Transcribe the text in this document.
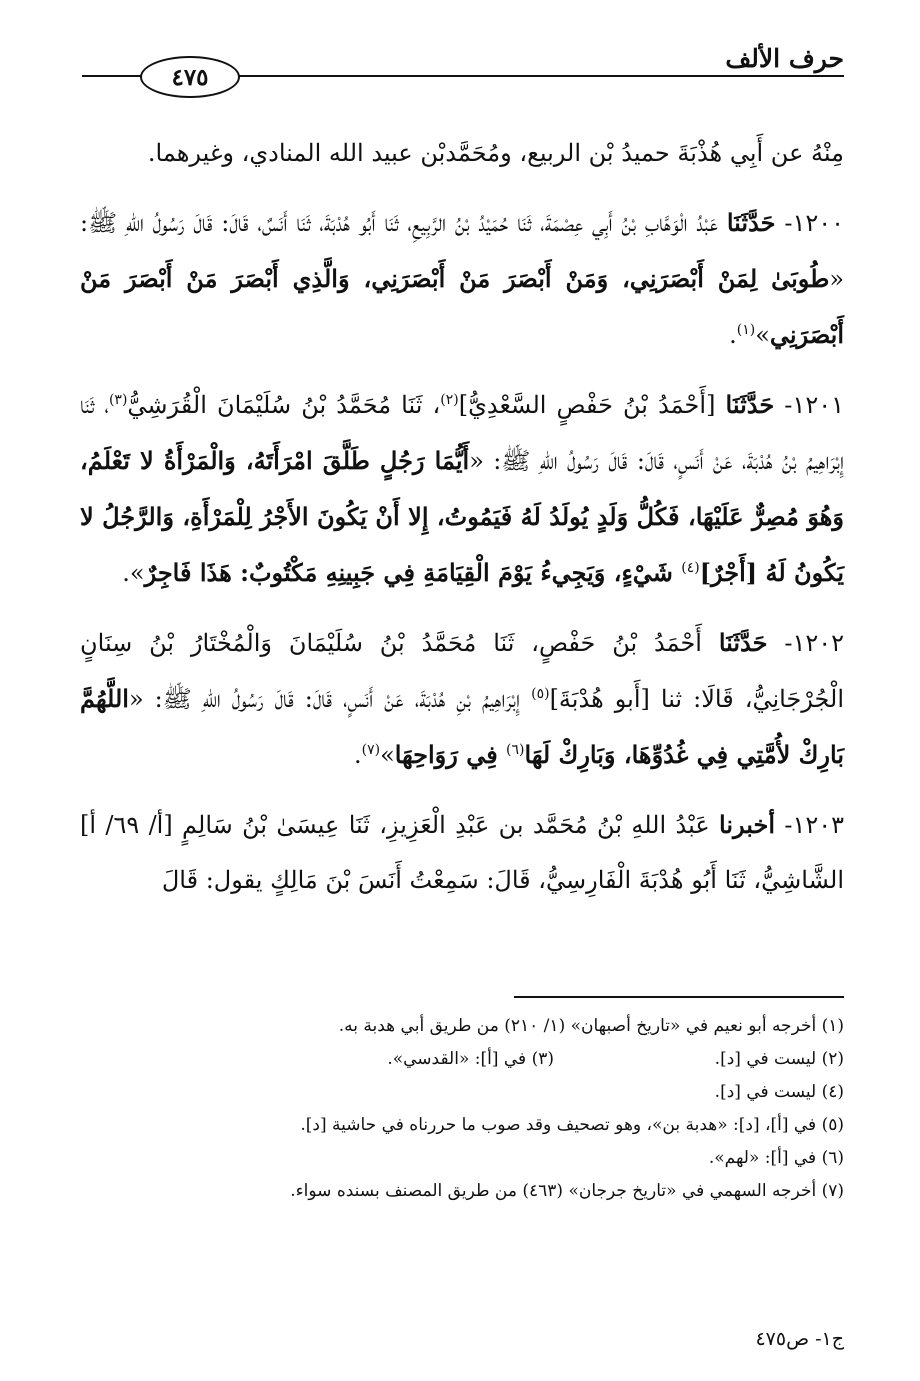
حرف الألف
٤٧٥

مِنْهُ عن أَبِي هُذْبَةَ حميدُ بْن الربيع، ومُحَمَّدبْن عبيد الله المنادي، وغيرهما.

١٢٠٠- حَدَّثَنَا عَبْدُ الْوَهَّابِ بْنُ أَبِي عِصْمَةَ، ثَنَا حُمَيْدُ بْنُ الرَّبِيعِ، ثَنَا أَبُو هُدْبَةَ، ثَنَا أَنَسٌ، قَالَ: قَالَ رَسُولُ اللهِ ﷺ: «طُوبَىٰ لِمَنْ أَبْصَرَنِي، وَمَنْ أَبْصَرَ مَنْ أَبْصَرَنِي، وَالَّذِي أَبْصَرَ مَنْ أَبْصَرَ مَنْ أَبْصَرَنِي»$^{(١)}$.

١٢٠١- حَدَّثَنَا [أَحْمَدُ بْنُ حَفْصٍ السَّعْدِيُّ]$^{(٢)}$، ثَنَا مُحَمَّدُ بْنُ سُلَيْمَانَ الْقُرَشِيُّ$^{(٣)}$، ثَنَا إِبْرَاهِيمُ بْنُ هُدْبَةَ، عَنْ أَنَسٍ، قَالَ: قَالَ رَسُولُ اللهِ ﷺ: «أَيُّمَا رَجُلٍ طَلَّقَ امْرَأَتَهُ، وَالْمَرْأَةُ لا تَعْلَمُ، وَهُوَ مُصِرٌّ عَلَيْهَا، فَكُلُّ وَلَدٍ يُولَدُ لَهُ فَيَمُوتُ، إِلا أَنْ يَكُونَ الأَجْرُ لِلْمَرْأَةِ، وَالرَّجُلُ لا يَكُونُ لَهُ [أَجْرٌ]$^{(٤)}$ شَيْءٍ، وَيَجِيءُ يَوْمَ الْقِيَامَةِ فِي جَبِينِهِ مَكْتُوبٌ: هَذَا فَاجِرٌ».

١٢٠٢- حَدَّثَنَا أَحْمَدُ بْنُ حَفْصٍ، ثَنَا مُحَمَّدُ بْنُ سُلَيْمَانَ وَالْمُخْتَارُ بْنُ سِنَانٍ الْجُرْجَانِيُّ، قَالَا: ثنا [أَبو هُدْبَةَ]$^{(٥)}$ إِبْرَاهِيمُ بْنِ هُدْبَةَ، عَنْ أَنَسٍ، قَالَ: قَالَ رَسُولُ اللهِ ﷺ: «اللَّهُمَّ بَارِكْ لأُمَّتِي فِي غُدُوِّهَا، وَبَارِكْ لَهَا$^{(٦)}$ فِي رَوَاحِهَا»$^{(٧)}$.

١٢٠٣- أخبرنا عَبْدُ اللهِ بْنُ مُحَمَّد بن عَبْدِ الْعَزِيزِ، ثَنَا عِيسَىٰ بْنُ سَالِمٍ [أ/ ٦٩/ أ] الشَّاشِيُّ، ثَنَا أَبُو هُدْبَةَ الْفَارِسِيُّ، قَالَ: سَمِعْتُ أَنَسَ بْنَ مَالِكٍ يقول: قَالَ

(١) أخرجه أبو نعيم في «تاريخ أصبهان» (١/ ٢١٠) من طريق أبي هدبة به.
(٢) ليست في [د].
(٣) في [أ]: «القدسي».
(٤) ليست في [د].
(٥) في [أ]، [د]: «هدبة بن»، وهو تصحيف وقد صوب ما حررناه في حاشية [د].
(٦) في [أ]: «لهم».
(٧) أخرجه السهمي في «تاريخ جرجان» (٤٦٣) من طريق المصنف بسنده سواء.
ج١- ص٤٧٥
